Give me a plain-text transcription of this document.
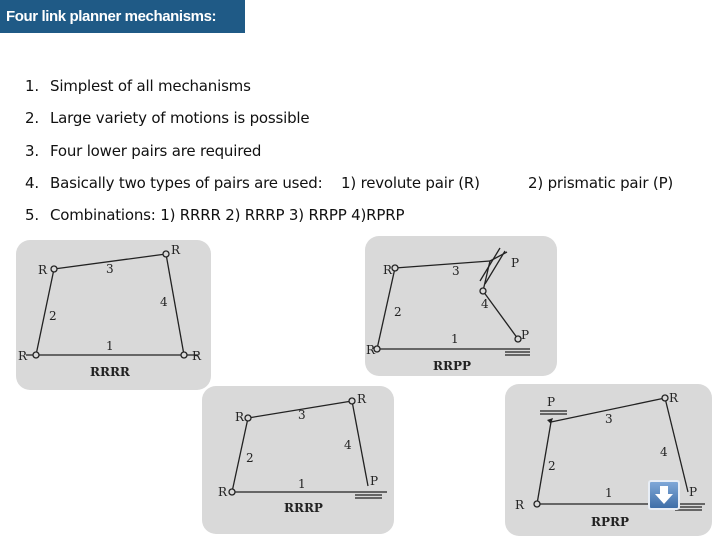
Four link planner mechanisms:
1. Simplest of all mechanisms
2. Large variety of motions is possible
3. Four lower pairs are required
4. Basically two types of pairs are used: 1) revolute pair (R)	2) prismatic pair (P)
5. Combinations: 1) RRRR 2) RRRP 3) RRPP 4)RPRP
R
R
R	R
1
2
3
4
RRRR
R
R
P
P
1
2
3
4
RRPP
R
R
R
P
1
2
3
4
RRRP
P
R
R
P
1
2
3
4
RPRP
